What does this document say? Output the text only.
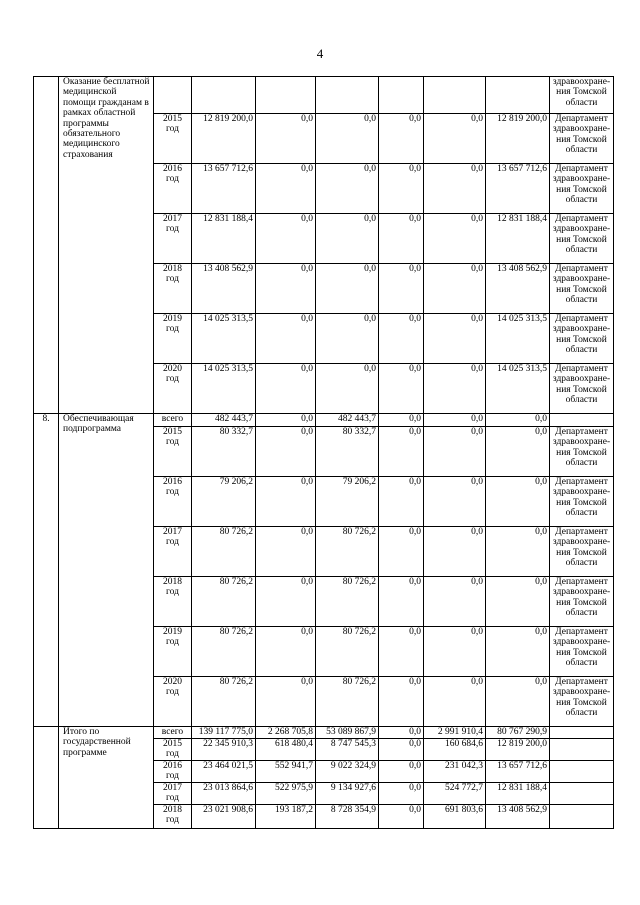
4
	Оказание бесплатной медицинской помощи гражданам в рамках областной программы обязательного медицинского страхования								здравоохране-ния Томской области
		2015 год	12 819 200,0	0,0	0,0	0,0	0,0	12 819 200,0	Департамент здравоохране-ния Томской области
		2016 год	13 657 712,6	0,0	0,0	0,0	0,0	13 657 712,6	Департамент здравоохране-ния Томской области
		2017 год	12 831 188,4	0,0	0,0	0,0	0,0	12 831 188,4	Департамент здравоохране-ния Томской области
		2018 год	13 408 562,9	0,0	0,0	0,0	0,0	13 408 562,9	Департамент здравоохране-ния Томской области
		2019 год	14 025 313,5	0,0	0,0	0,0	0,0	14 025 313,5	Департамент здравоохране-ния Томской области
		2020 год	14 025 313,5	0,0	0,0	0,0	0,0	14 025 313,5	Департамент здравоохране-ния Томской области
8.	Обеспечивающая подпрограмма	всего	482 443,7	0,0	482 443,7	0,0	0,0	0,0	
		2015 год	80 332,7	0,0	80 332,7	0,0	0,0	0,0	Департамент здравоохране-ния Томской области
		2016 год	79 206,2	0,0	79 206,2	0,0	0,0	0,0	Департамент здравоохране-ния Томской области
		2017 год	80 726,2	0,0	80 726,2	0,0	0,0	0,0	Департамент здравоохране-ния Томской области
		2018 год	80 726,2	0,0	80 726,2	0,0	0,0	0,0	Департамент здравоохране-ния Томской области
		2019 год	80 726,2	0,0	80 726,2	0,0	0,0	0,0	Департамент здравоохране-ния Томской области
		2020 год	80 726,2	0,0	80 726,2	0,0	0,0	0,0	Департамент здравоохране-ния Томской области
	Итого по государственной программе	всего	139 117 775,0	2 268 705,8	53 089 867,9	0,0	2 991 910,4	80 767 290,9	
		2015 год	22 345 910,3	618 480,4	8 747 545,3	0,0	160 684,6	12 819 200,0	
		2016 год	23 464 021,5	552 941,7	9 022 324,9	0,0	231 042,3	13 657 712,6	
		2017 год	23 013 864,6	522 975,9	9 134 927,6	0,0	524 772,7	12 831 188,4	
		2018 год	23 021 908,6	193 187,2	8 728 354,9	0,0	691 803,6	13 408 562,9	
